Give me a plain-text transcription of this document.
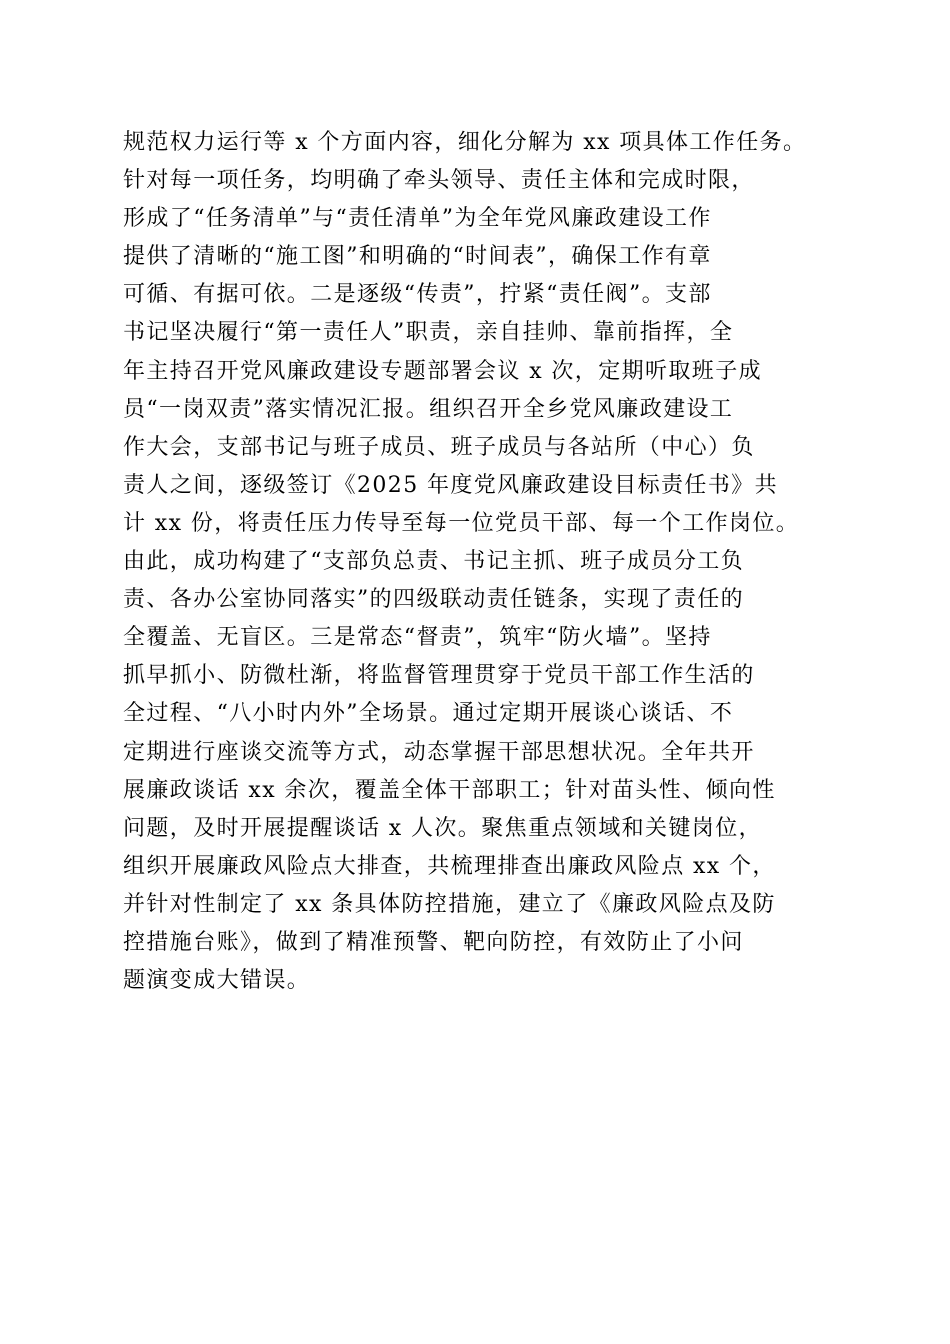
规范权力运行等 x 个方面内容，细化分解为 xx 项具体工作任务。
针对每一项任务，均明确了牵头领导、责任主体和完成时限，
形成了“任务清单”与“责任清单”为全年党风廉政建设工作
提供了清晰的“施工图”和明确的“时间表”，确保工作有章
可循、有据可依。二是逐级“传责”，拧紧“责任阀”。支部
书记坚决履行“第一责任人”职责，亲自挂帅、靠前指挥，全
年主持召开党风廉政建设专题部署会议 x 次，定期听取班子成
员“一岗双责”落实情况汇报。组织召开全乡党风廉政建设工
作大会，支部书记与班子成员、班子成员与各站所（中心）负
责人之间，逐级签订《2025 年度党风廉政建设目标责任书》共
计 xx 份，将责任压力传导至每一位党员干部、每一个工作岗位。
由此，成功构建了“支部负总责、书记主抓、班子成员分工负
责、各办公室协同落实”的四级联动责任链条，实现了责任的
全覆盖、无盲区。三是常态“督责”，筑牢“防火墙”。坚持
抓早抓小、防微杜渐，将监督管理贯穿于党员干部工作生活的
全过程、“八小时内外”全场景。通过定期开展谈心谈话、不
定期进行座谈交流等方式，动态掌握干部思想状况。全年共开
展廉政谈话 xx 余次，覆盖全体干部职工；针对苗头性、倾向性
问题，及时开展提醒谈话 x 人次。聚焦重点领域和关键岗位，
组织开展廉政风险点大排查，共梳理排查出廉政风险点 xx 个，
并针对性制定了 xx 条具体防控措施，建立了《廉政风险点及防
控措施台账》，做到了精准预警、靶向防控，有效防止了小问
题演变成大错误。
